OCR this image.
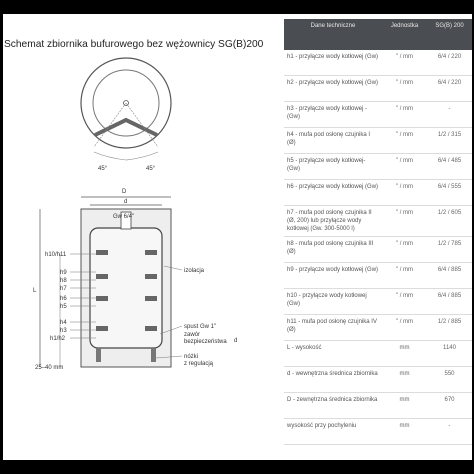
45°	45°
D
d
Gw 6/4"
L
h10/h11
h9
h8
h7
h6
h5
h4
h3
h1/h2
25–40 mm
izolacja
spust Gw 1"
zawór
bezpieczeństwa d
nóżki
z regulacją
Schemat zbiornika bufurowego bez wężownicy SG(B)200
Dane techniczne	Jednostka	SG(B) 200
h1 - przyłącze wody kotłowej (Gw)	" / mm	6/4 / 220
h2 - przyłącze wody kotłowej (Gw)	" / mm	6/4 / 220
h3 - przyłącze wody kotłowej - (Gw)	" / mm	-
h4 - mufa pod osłonę czujnika I (Ø)	" / mm	1/2 / 315
h5 - przyłącze wody kotłowej- (Gw)	" / mm	6/4 / 485
h6 - przyłącze wody kotłowej (Gw)	" / mm	6/4 / 555
h7 - mufa pod osłonę czujnika II (Ø, 200) lub przyłącze wody kotłowej (Gw. 300-5000 l)	" / mm	1/2 / 605
h8 - mufa pod osłonę czujnika III (Ø)	" / mm	1/2 / 785
h9 - przyłącze wody kotłowej (Gw)	" / mm	6/4 / 885
h10 - przyłącze wody kotłowej (Gw)	" / mm	6/4 / 885
h11 - mufa pod osłonę czujnika IV (Ø)	" / mm	1/2 / 885
L - wysokość	mm	1140
d - wewnętrzna średnica zbiornika	mm	550
D - zewnętrzna średnica zbiornika	mm	670
wysokość przy pochyleniu	mm	-
